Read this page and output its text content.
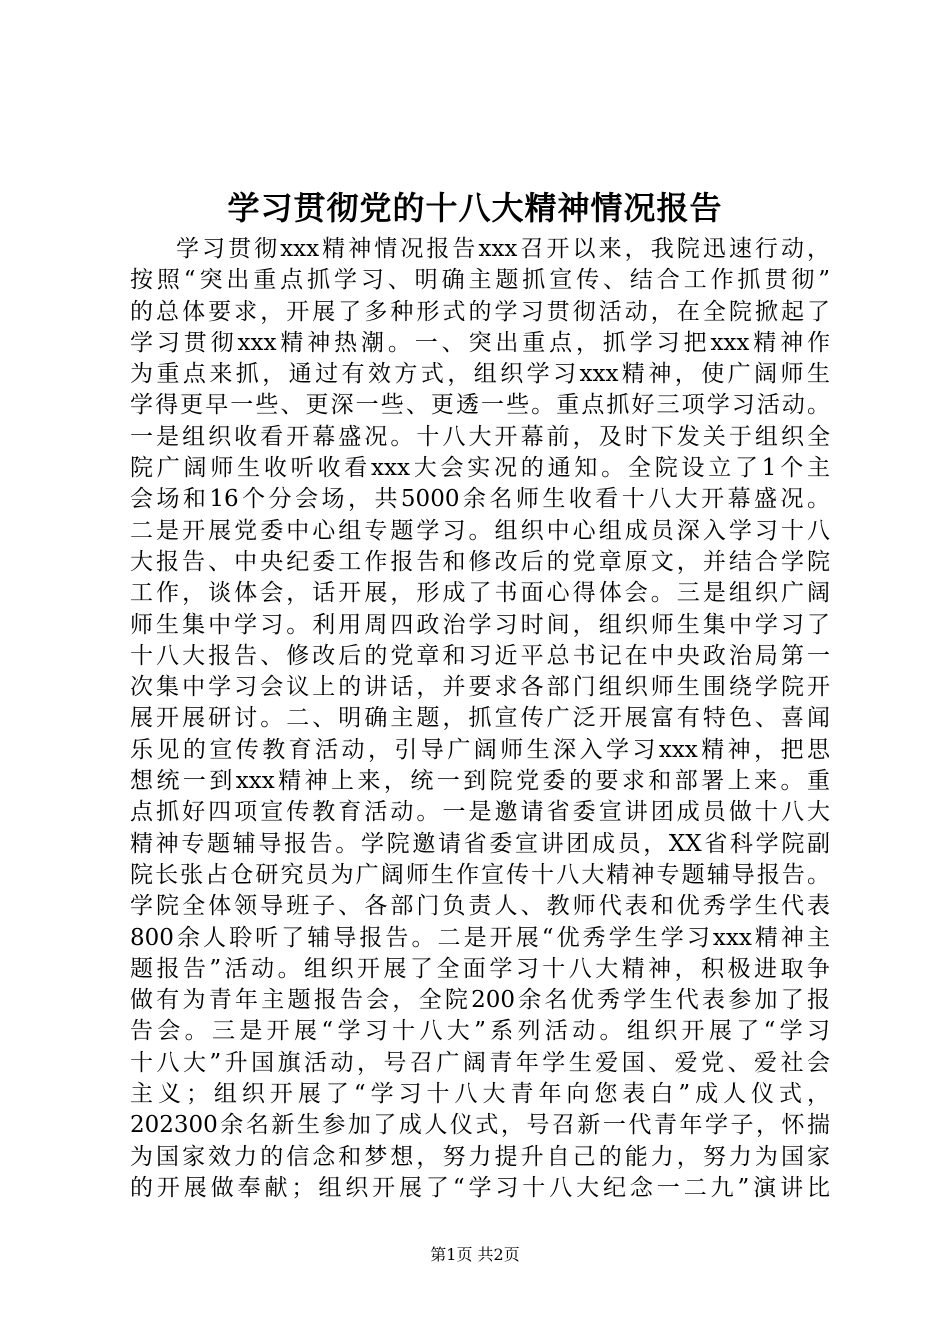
学习贯彻党的十八大精神情况报告
学习贯彻xxx精神情况报告xxx召开以来，我院迅速行动，
按照“突出重点抓学习、明确主题抓宣传、结合工作抓贯彻”
的总体要求，开展了多种形式的学习贯彻活动，在全院掀起了
学习贯彻xxx精神热潮。一、突出重点，抓学习把xxx精神作
为重点来抓，通过有效方式，组织学习xxx精神，使广阔师生
学得更早一些、更深一些、更透一些。重点抓好三项学习活动。
一是组织收看开幕盛况。十八大开幕前，及时下发关于组织全
院广阔师生收听收看xxx大会实况的通知。全院设立了1个主
会场和16个分会场，共5000余名师生收看十八大开幕盛况。
二是开展党委中心组专题学习。组织中心组成员深入学习十八
大报告、中央纪委工作报告和修改后的党章原文，并结合学院
工作，谈体会，话开展，形成了书面心得体会。三是组织广阔
师生集中学习。利用周四政治学习时间，组织师生集中学习了
十八大报告、修改后的党章和习近平总书记在中央政治局第一
次集中学习会议上的讲话，并要求各部门组织师生围绕学院开
展开展研讨。二、明确主题，抓宣传广泛开展富有特色、喜闻
乐见的宣传教育活动，引导广阔师生深入学习xxx精神，把思
想统一到xxx精神上来，统一到院党委的要求和部署上来。重
点抓好四项宣传教育活动。一是邀请省委宣讲团成员做十八大
精神专题辅导报告。学院邀请省委宣讲团成员，XX省科学院副
院长张占仓研究员为广阔师生作宣传十八大精神专题辅导报告。
学院全体领导班子、各部门负责人、教师代表和优秀学生代表
800余人聆听了辅导报告。二是开展“优秀学生学习xxx精神主
题报告”活动。组织开展了全面学习十八大精神，积极进取争
做有为青年主题报告会，全院200余名优秀学生代表参加了报
告会。三是开展“学习十八大”系列活动。组织开展了“学习
十八大”升国旗活动，号召广阔青年学生爱国、爱党、爱社会
主义；组织开展了“学习十八大青年向您表白”成人仪式，
202300余名新生参加了成人仪式，号召新一代青年学子，怀揣
为国家效力的信念和梦想，努力提升自己的能力，努力为国家
的开展做奉献；组织开展了“学习十八大纪念一二九”演讲比
第1页 共2页
